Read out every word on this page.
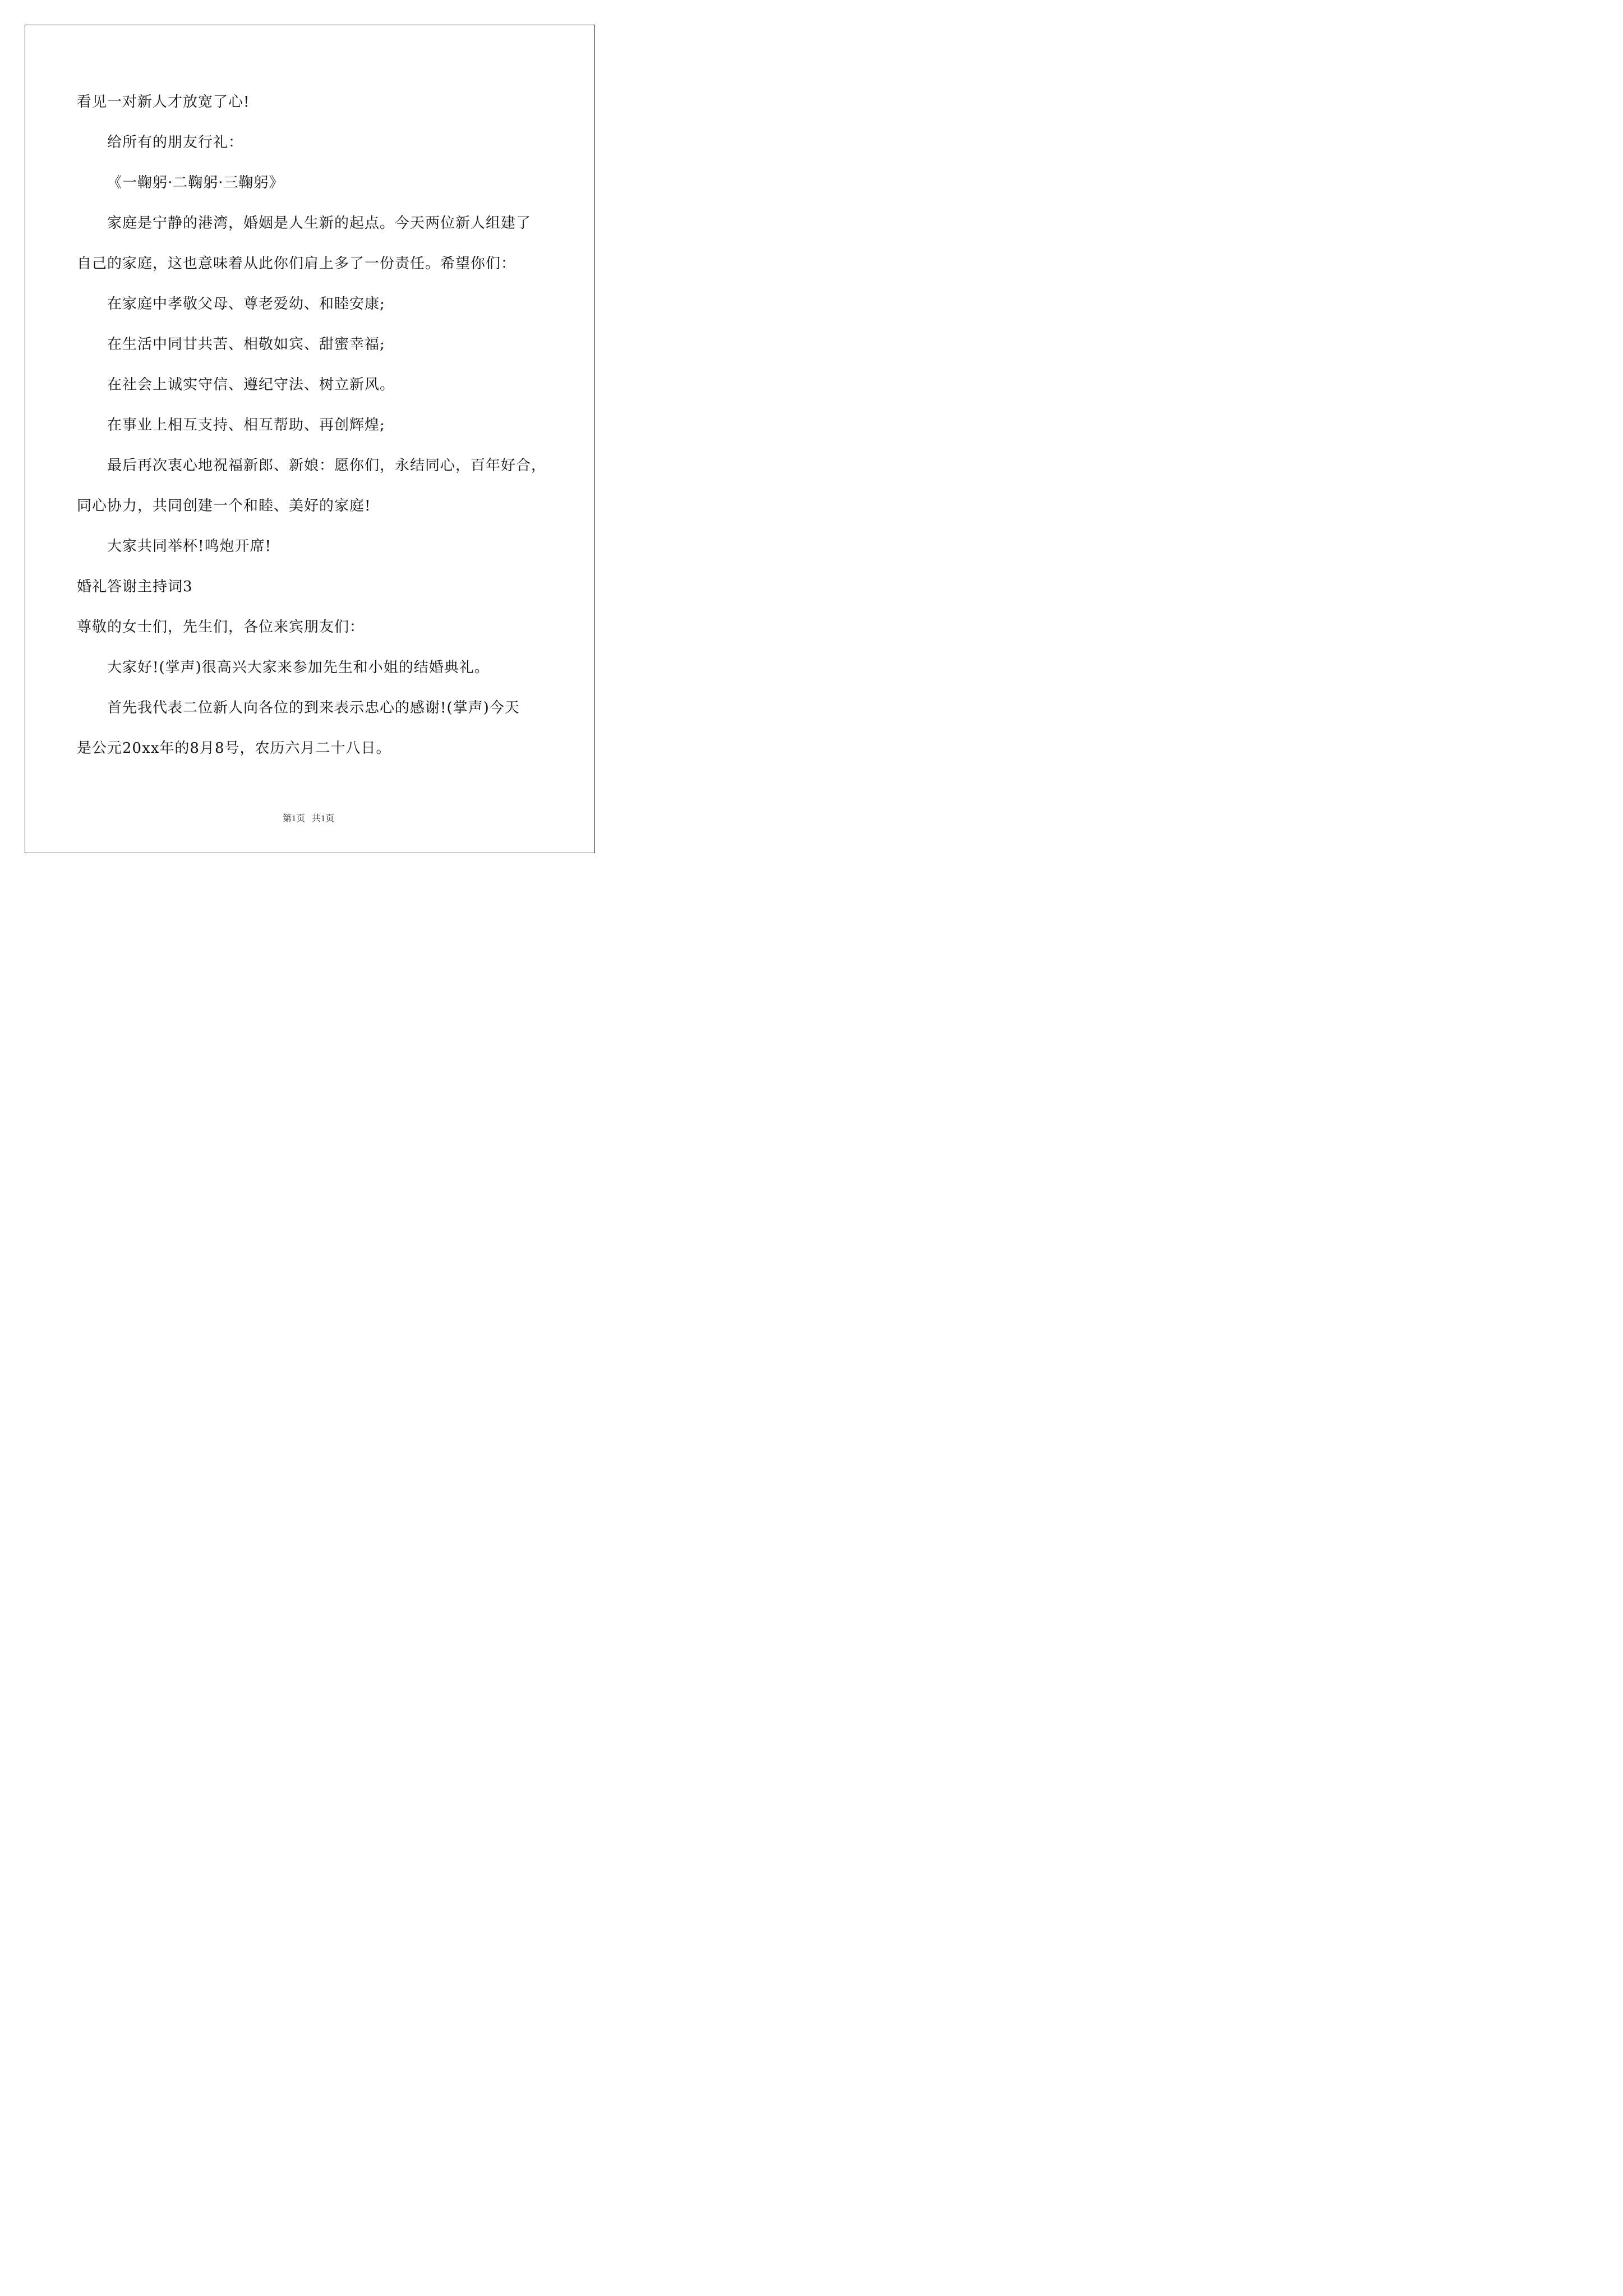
看见一对新人才放宽了心!
给所有的朋友行礼：
《一鞠躬·二鞠躬·三鞠躬》
家庭是宁静的港湾，婚姻是人生新的起点。今天两位新人组建了
自己的家庭，这也意味着从此你们肩上多了一份责任。希望你们：
在家庭中孝敬父母、尊老爱幼、和睦安康;
在生活中同甘共苦、相敬如宾、甜蜜幸福;
在社会上诚实守信、遵纪守法、树立新风。
在事业上相互支持、相互帮助、再创辉煌;
最后再次衷心地祝福新郎、新娘：愿你们，永结同心，百年好合，
同心协力，共同创建一个和睦、美好的家庭!
大家共同举杯!鸣炮开席!
婚礼答谢主持词3
尊敬的女士们，先生们，各位来宾朋友们：
大家好!(掌声)很高兴大家来参加先生和小姐的结婚典礼。
首先我代表二位新人向各位的到来表示忠心的感谢!(掌声)今天
是公元20xx年的8月8号，农历六月二十八日。
第1页 共1页
